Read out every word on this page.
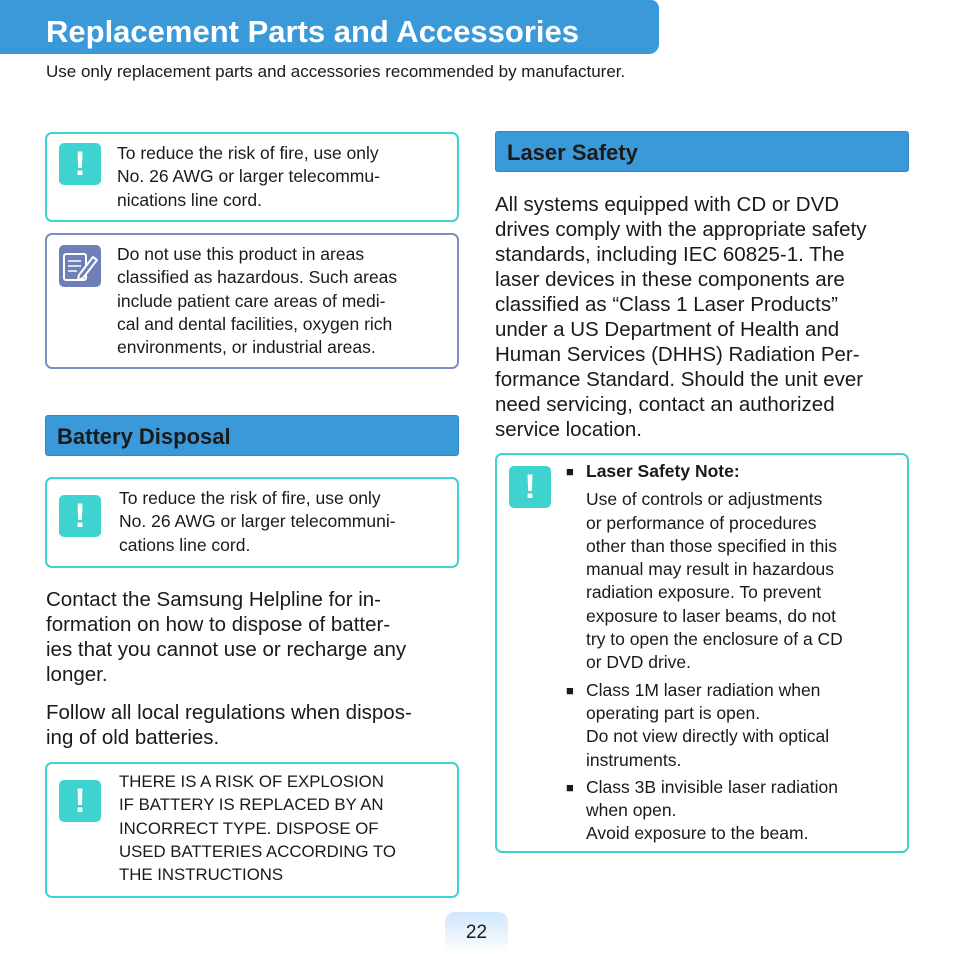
Replacement Parts and Accessories
Use only replacement parts and accessories recommended by manufacturer.
!	To reduce the risk of fire, use only
No. 26 AWG or larger telecommu-
nications line cord.
Do not use this product in areas
classified as hazardous. Such areas
include patient care areas of medi-
cal and dental facilities, oxygen rich
environments, or industrial areas.
Battery Disposal
!	To reduce the risk of fire, use only
No. 26 AWG or larger telecommuni-
cations line cord.
Contact the Samsung Helpline for in-
formation on how to dispose of batter-
ies that you cannot use or recharge any
longer.
Follow all local regulations when dispos-
ing of old batteries.
!
THERE IS A RISK OF EXPLOSION
IF BATTERY IS REPLACED BY AN
INCORRECT TYPE. DISPOSE OF
USED BATTERIES ACCORDING TO
THE INSTRUCTIONS
Laser Safety
All systems equipped with CD or DVD
drives comply with the appropriate safety
standards, including IEC 60825-1. The
laser devices in these components are
classified as “Class 1 Laser Products”
under a US Department of Health and
Human Services (DHHS) Radiation Per-
formance Standard. Should the unit ever
need servicing, contact an authorized
service location.
!	■ Laser Safety Note:
Use of controls or adjustments
or performance of procedures
other than those specified in this
manual may result in hazardous
radiation exposure. To prevent
exposure to laser beams, do not
try to open the enclosure of a CD
or DVD drive.
■ Class 1M laser radiation when
operating part is open.
Do not view directly with optical
instruments.
■ Class 3B invisible laser radiation
when open.
Avoid exposure to the beam.
22
